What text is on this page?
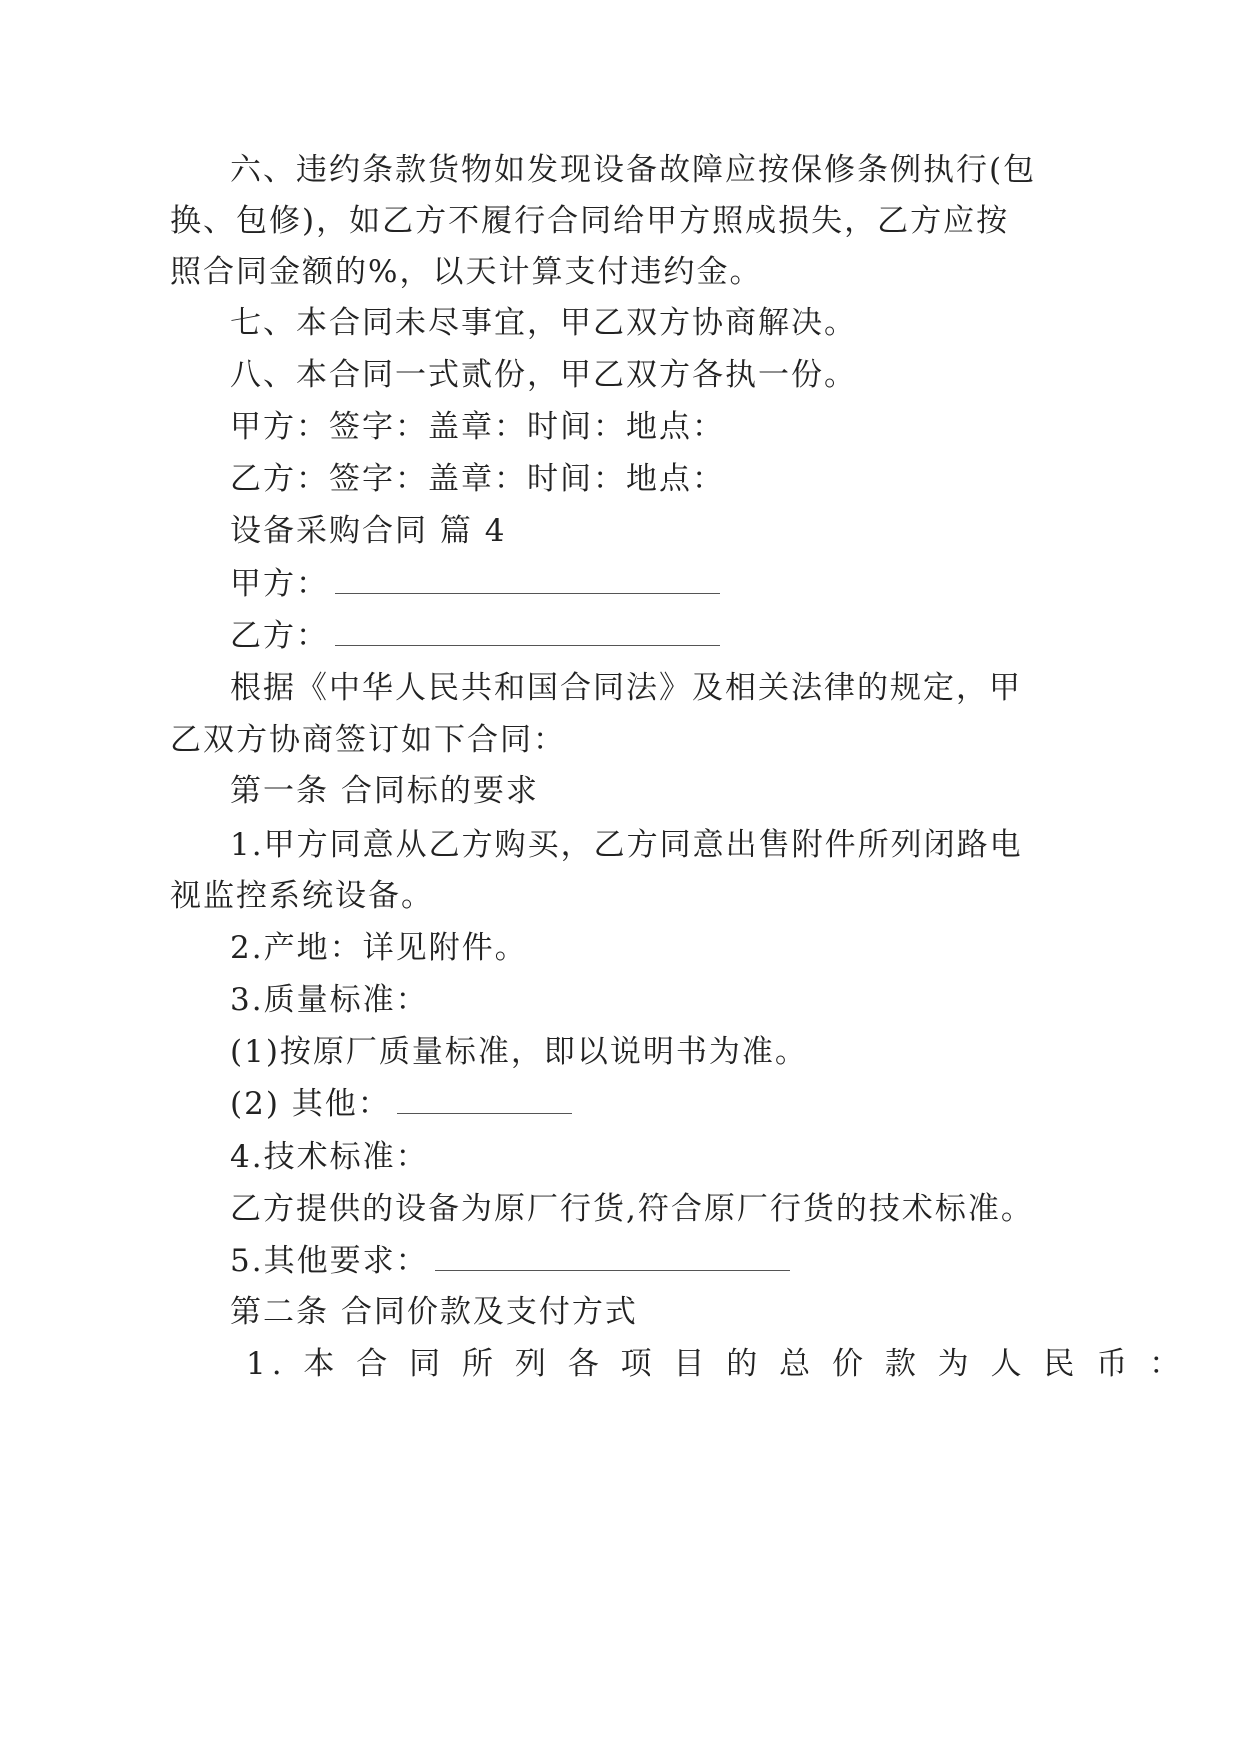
六、违约条款货物如发现设备故障应按保修条例执行(包
换、包修)，如乙方不履行合同给甲方照成损失，乙方应按
照合同金额的%，以天计算支付违约金。
七、本合同未尽事宜，甲乙双方协商解决。
八、本合同一式贰份，甲乙双方各执一份。
甲方：签字：盖章：时间：地点：
乙方：签字：盖章：时间：地点：
设备采购合同 篇 4
甲方：
乙方：
根据《中华人民共和国合同法》及相关法律的规定，甲
乙双方协商签订如下合同：
第一条 合同标的要求
1.甲方同意从乙方购买，乙方同意出售附件所列闭路电
视监控系统设备。
2.产地：详见附件。
3.质量标准：
(1)按原厂质量标准，即以说明书为准。
(2) 其他：
4.技术标准：
乙方提供的设备为原厂行货,符合原厂行货的技术标准。
5.其他要求：
第二条 合同价款及支付方式
1. 本 合 同 所 列 各 项 目 的 总 价 款 为 人 民 币 ：
